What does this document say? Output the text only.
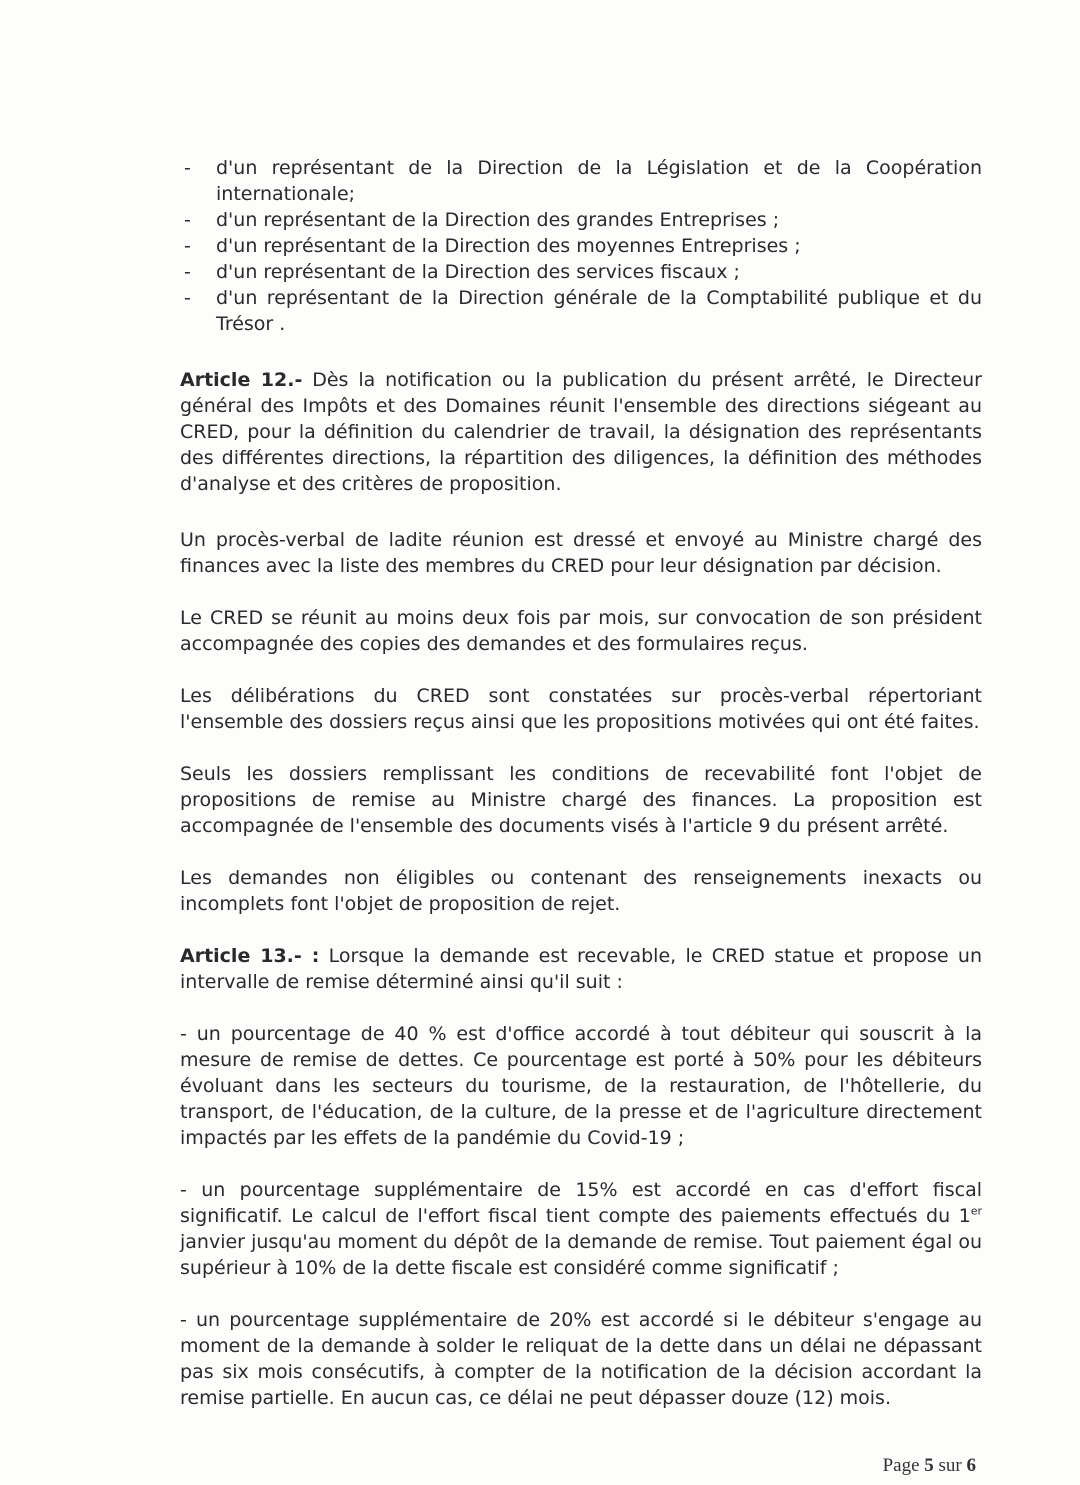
- d'un représentant de la Direction de la Législation et de la Coopération internationale;
- d'un représentant de la Direction des grandes Entreprises ;
- d'un représentant de la Direction des moyennes Entreprises ;
- d'un représentant de la Direction des services fiscaux ;
- d'un représentant de la Direction générale de la Comptabilité publique et du Trésor .

Article 12.- Dès la notification ou la publication du présent arrêté, le Directeur général des Impôts et des Domaines réunit l'ensemble des directions siégeant au CRED, pour la définition du calendrier de travail, la désignation des représentants des différentes directions, la répartition des diligences, la définition des méthodes d'analyse et des critères de proposition.

Un procès-verbal de ladite réunion est dressé et envoyé au Ministre chargé des finances avec la liste des membres du CRED pour leur désignation par décision.

Le CRED se réunit au moins deux fois par mois, sur convocation de son président accompagnée des copies des demandes et des formulaires reçus.

Les délibérations du CRED sont constatées sur procès-verbal répertoriant l'ensemble des dossiers reçus ainsi que les propositions motivées qui ont été faites.

Seuls les dossiers remplissant les conditions de recevabilité font l'objet de propositions de remise au Ministre chargé des finances. La proposition est accompagnée de l'ensemble des documents visés à l'article 9 du présent arrêté.

Les demandes non éligibles ou contenant des renseignements inexacts ou incomplets font l'objet de proposition de rejet.

Article 13.- : Lorsque la demande est recevable, le CRED statue et propose un intervalle de remise déterminé ainsi qu'il suit :

- un pourcentage de 40 % est d'office accordé à tout débiteur qui souscrit à la mesure de remise de dettes. Ce pourcentage est porté à 50% pour les débiteurs évoluant dans les secteurs du tourisme, de la restauration, de l'hôtellerie, du transport, de l'éducation, de la culture, de la presse et de l'agriculture directement impactés par les effets de la pandémie du Covid-19 ;

- un pourcentage supplémentaire de 15% est accordé en cas d'effort fiscal significatif. Le calcul de l'effort fiscal tient compte des paiements effectués du 1er janvier jusqu'au moment du dépôt de la demande de remise. Tout paiement égal ou supérieur à 10% de la dette fiscale est considéré comme significatif ;

- un pourcentage supplémentaire de 20% est accordé si le débiteur s'engage au moment de la demande à solder le reliquat de la dette dans un délai ne dépassant pas six mois consécutifs, à compter de la notification de la décision accordant la remise partielle. En aucun cas, ce délai ne peut dépasser douze (12) mois.

Page 5 sur 6
